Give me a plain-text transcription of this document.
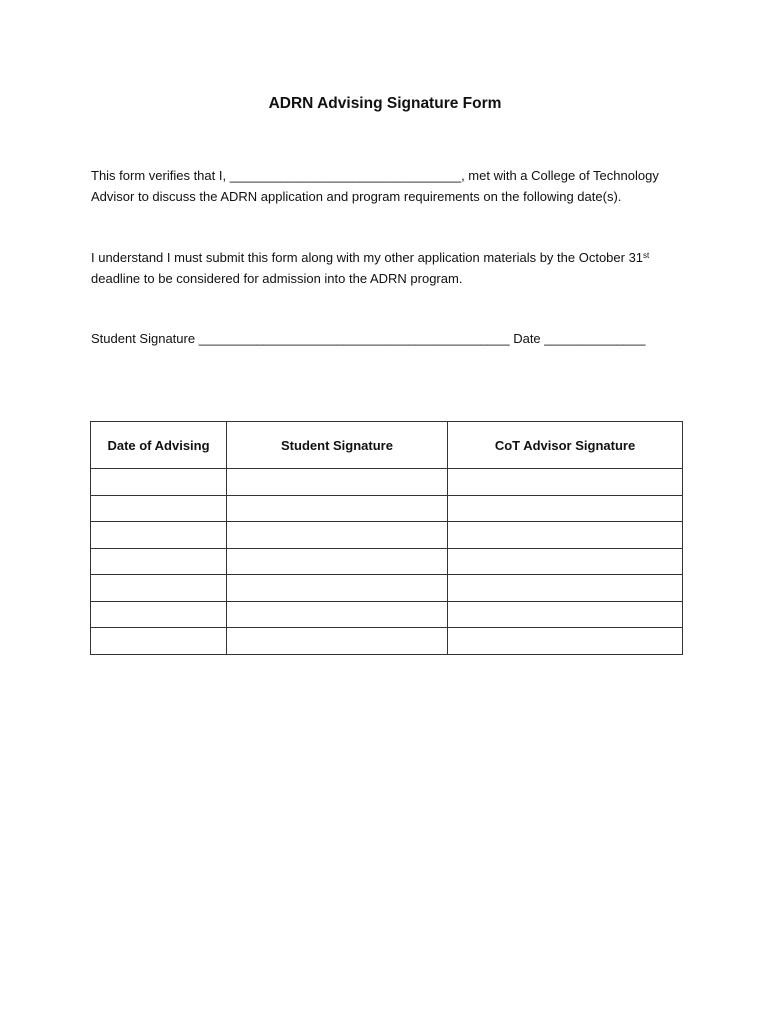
ADRN Advising Signature Form

This form verifies that I, ________________________________, met with a College of Technology Advisor to discuss the ADRN application and program requirements on the following date(s).

I understand I must submit this form along with my other application materials by the October 31st deadline to be considered for admission into the ADRN program.

Student Signature ___________________________________________ Date ______________

Date of Advising	Student Signature	CoT Advisor Signature
